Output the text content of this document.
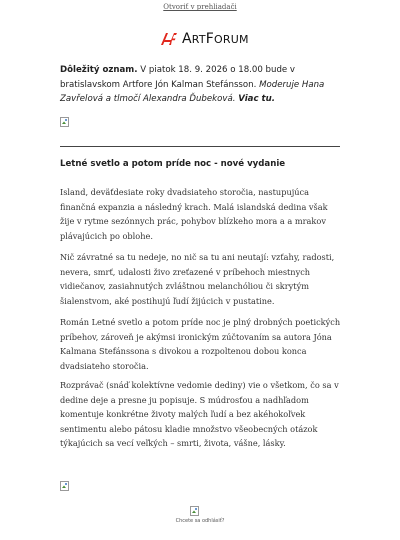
Otvoriť v prehliadači
ARTFORUM
Dôležitý oznam. V piatok 18. 9. 2026 o 18.00 bude v bratislavskom Artfore Jón Kalman Stefánsson. Moderuje Hana Zavřelová a tlmočí Alexandra Ďubeková. Viac tu.
Letné svetlo a potom príde noc - nové vydanie
Island, deväťdesiate roky dvadsiateho storočia, nastupujúca finančná expanzia a následný krach. Malá islandská dedina však žije v rytme sezónnych prác, pohybov blízkeho mora a a mrakov plávajúcich po oblohe.
Nič závratné sa tu nedeje, no nič sa tu ani neutají: vzťahy, radosti, nevera, smrť, udalosti živo zreťazené v príbehoch miestnych vidiečanov, zasiahnutých zvláštnou melanchóliou či skrytým šialenstvom, aké postihujú ľudí žijúcich v pustatine.
Román Letné svetlo a potom príde noc je plný drobných poetických príbehov, zároveň je akýmsi ironickým zúčtovaním sa autora Jóna Kalmana Stefánssona s divokou a rozpoltenou dobou konca dvadsiateho storočia.
Rozprávač (snáď kolektívne vedomie dediny) vie o všetkom, čo sa v dedine deje a presne ju popisuje. S múdrosťou a nadhľadom komentuje konkrétne životy malých ľudí a bez akéhokoľvek sentimentu alebo pátosu kladie množstvo všeobecných otázok týkajúcich sa vecí veľkých – smrti, života, vášne, lásky.
Chcete sa odhlásiť?
